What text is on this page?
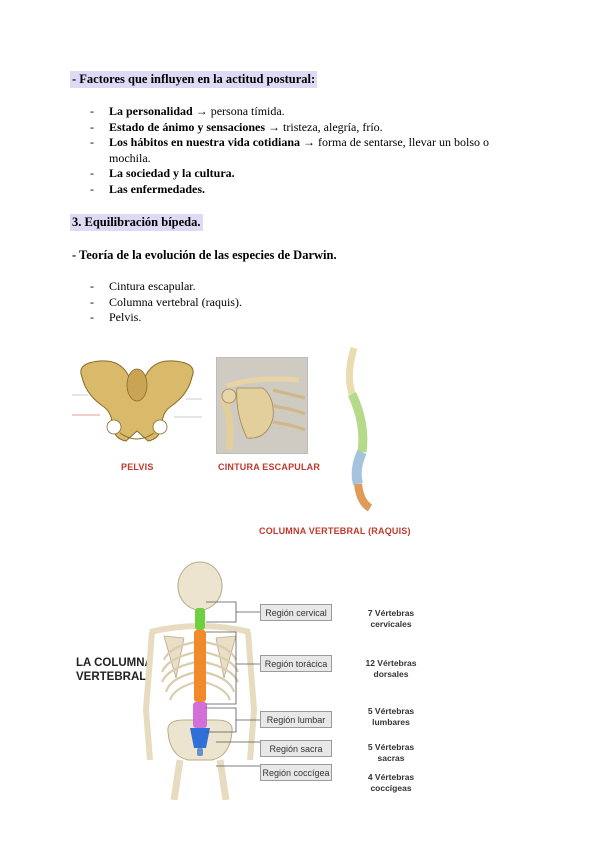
- Factores que influyen en la actitud postural:
- La personalidad → persona tímida.
- Estado de ánimo y sensaciones → tristeza, alegría, frío.
- Los hábitos en nuestra vida cotidiana → forma de sentarse, llevar un bolso o mochila.
- La sociedad y la cultura.
- Las enfermedades.
3. Equilibración bípeda.
- Teoría de la evolución de las especies de Darwin.
- Cintura escapular.
- Columna vertebral (raquis).
- Pelvis.
PELVIS	CINTURA ESCAPULAR
COLUMNA VERTEBRAL (RAQUIS)
LA COLUMNA
VERTEBRAL
Región cervical
Región torácica
Región lumbar
Región sacra
Región coccígea
7 Vértebras
cervicales
12 Vértebras
dorsales
5 Vértebras
lumbares
5 Vértebras
sacras
4 Vértebras
coccígeas
